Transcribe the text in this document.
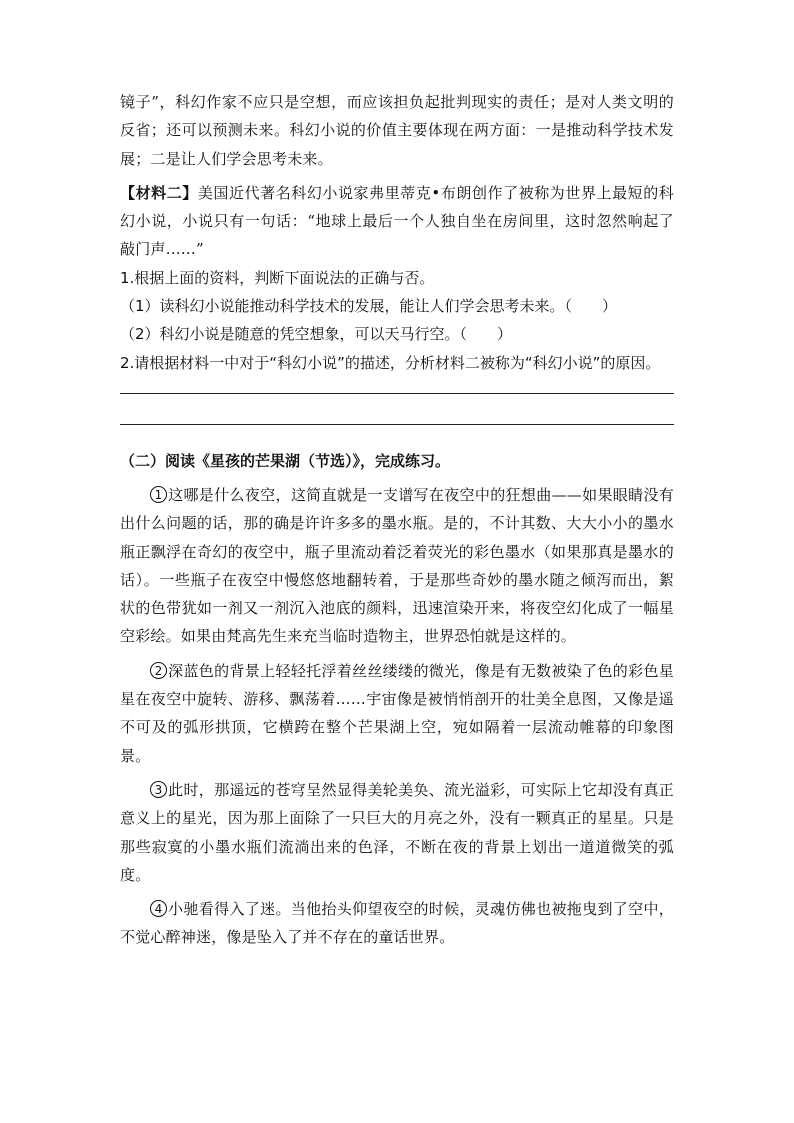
镜子”，科幻作家不应只是空想，而应该担负起批判现实的责任；是对人类文明的反省；还可以预测未来。科幻小说的价值主要体现在两方面：一是推动科学技术发展；二是让人们学会思考未来。

【材料二】美国近代著名科幻小说家弗里蒂克•布朗创作了被称为世界上最短的科幻小说，小说只有一句话：“地球上最后一个人独自坐在房间里，这时忽然响起了敲门声……”

1.根据上面的资料，判断下面说法的正确与否。

（1）读科幻小说能推动科学技术的发展，能让人们学会思考未来。（　　）

（2）科幻小说是随意的凭空想象，可以天马行空。（　　）

2.请根据材料一中对于“科幻小说”的描述，分析材料二被称为“科幻小说”的原因。

（二）阅读《星孩的芒果湖（节选）》，完成练习。

1 这哪是什么夜空，这简直就是一支谱写在夜空中的狂想曲——如果眼睛没有出什么问题的话，那的确是许许多多的墨水瓶。是的，不计其数、大大小小的墨水瓶正飘浮在奇幻的夜空中，瓶子里流动着泛着荧光的彩色墨水（如果那真是墨水的话）。一些瓶子在夜空中慢悠悠地翻转着，于是那些奇妙的墨水随之倾泻而出，絮状的色带犹如一剂又一剂沉入池底的颜料，迅速渲染开来，将夜空幻化成了一幅星空彩绘。如果由梵高先生来充当临时造物主，世界恐怕就是这样的。

2 深蓝色的背景上轻轻托浮着丝丝缕缕的微光，像是有无数被染了色的彩色星星在夜空中旋转、游移、飘荡着……宇宙像是被悄悄剖开的壮美全息图，又像是遥不可及的弧形拱顶，它横跨在整个芒果湖上空，宛如隔着一层流动帷幕的印象图景。

3 此时，那遥远的苍穹呈然显得美轮美奂、流光溢彩，可实际上它却没有真正意义上的星光，因为那上面除了一只巨大的月亮之外，没有一颗真正的星星。只是那些寂寞的小墨水瓶们流淌出来的色泽，不断在夜的背景上划出一道道微笑的弧度。

4 小驰看得入了迷。当他抬头仰望夜空的时候，灵魂仿佛也被拖曳到了空中，不觉心醉神迷，像是坠入了并不存在的童话世界。
